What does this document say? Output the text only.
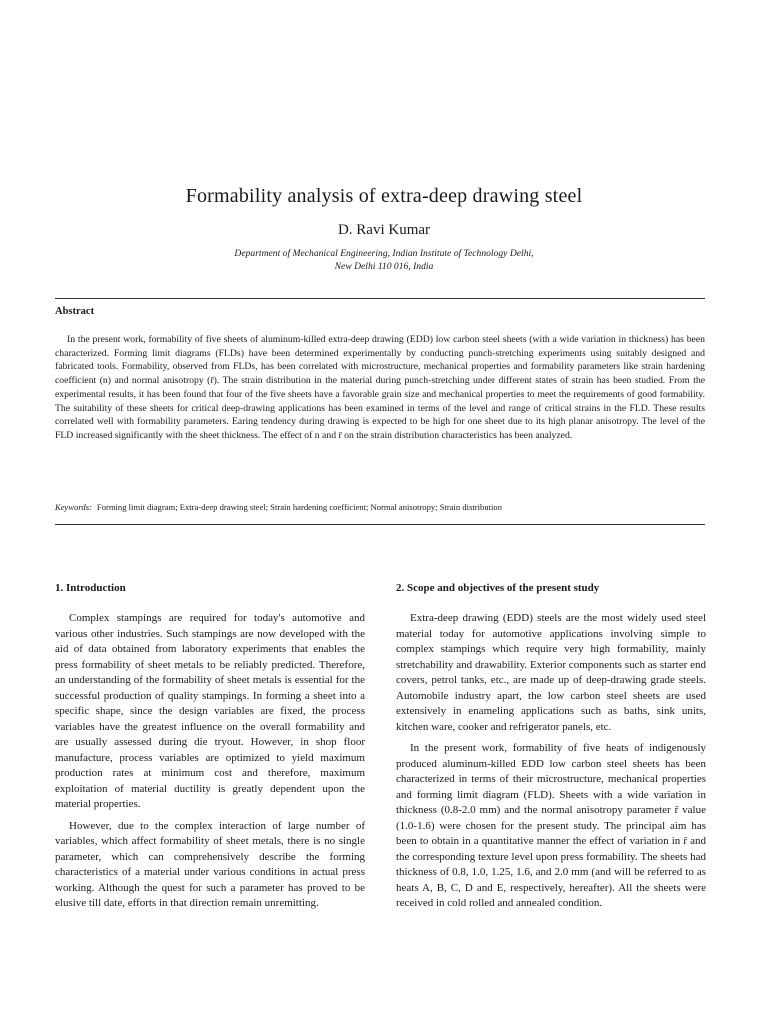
Formability analysis of extra-deep drawing steel
D. Ravi Kumar
Department of Mechanical Engineering, Indian Institute of Technology Delhi,
New Delhi 110 016, India
Abstract

In the present work, formability of five sheets of aluminum-killed extra-deep drawing (EDD) low carbon steel sheets (with a wide variation in thickness) has been characterized. Forming limit diagrams (FLDs) have been determined experimentally by conducting punch-stretching experiments using suitably designed and fabricated tools. Formability, observed from FLDs, has been correlated with microstructure, mechanical properties and formability parameters like strain hardening coefficient (n) and normal anisotropy (r̄). The strain distribution in the material during punch-stretching under different states of strain has been studied. From the experimental results, it has been found that four of the five sheets have a favorable grain size and mechanical properties to meet the requirements of good formability. The suitability of these sheets for critical deep-drawing applications has been examined in terms of the level and range of critical strains in the FLD. These results correlated well with formability parameters. Earing tendency during drawing is expected to be high for one sheet due to its high planar anisotropy. The level of the FLD increased significantly with the sheet thickness. The effect of n and r̄ on the strain distribution characteristics has been analyzed.

Keywords: Forming limit diagram; Extra-deep drawing steel; Strain hardening coefficient; Normal anisotropy; Strain distribution
1. Introduction

Complex stampings are required for today's automotive and various other industries. Such stampings are now developed with the aid of data obtained from laboratory experiments that enables the press formability of sheet metals to be reliably predicted. Therefore, an understanding of the formability of sheet metals is essential for the successful production of quality stampings. In forming a sheet into a specific shape, since the design variables are fixed, the process variables have the greatest influence on the overall formability and are usually assessed during die tryout. However, in shop floor manufacture, process variables are optimized to yield maximum production rates at minimum cost and therefore, maximum exploitation of material ductility is greatly dependent upon the material properties.

However, due to the complex interaction of large number of variables, which affect formability of sheet metals, there is no single parameter, which can comprehensively describe the forming characteristics of a material under various conditions in actual press working. Although the quest for such a parameter has proved to be elusive till date, efforts in that direction remain unremitting.

2. Scope and objectives of the present study

Extra-deep drawing (EDD) steels are the most widely used steel material today for automotive applications involving simple to complex stampings which require very high formability, mainly stretchability and drawability. Exterior components such as starter end covers, petrol tanks, etc., are made up of deep-drawing grade steels. Automobile industry apart, the low carbon steel sheets are used extensively in enameling applications such as baths, sink units, kitchen ware, cooker and refrigerator panels, etc.

In the present work, formability of five heats of indigenously produced aluminum-killed EDD low carbon steel sheets has been characterized in terms of their microstructure, mechanical properties and forming limit diagram (FLD). Sheets with a wide variation in thickness (0.8-2.0 mm) and the normal anisotropy parameter r̄ value (1.0-1.6) were chosen for the present study. The principal aim has been to obtain in a quantitative manner the effect of variation in r̄ and the corresponding texture level upon press formability. The sheets had thickness of 0.8, 1.0, 1.25, 1.6, and 2.0 mm (and will be referred to as heats A, B, C, D and E, respectively, hereafter). All the sheets were received in cold rolled and annealed condition.
